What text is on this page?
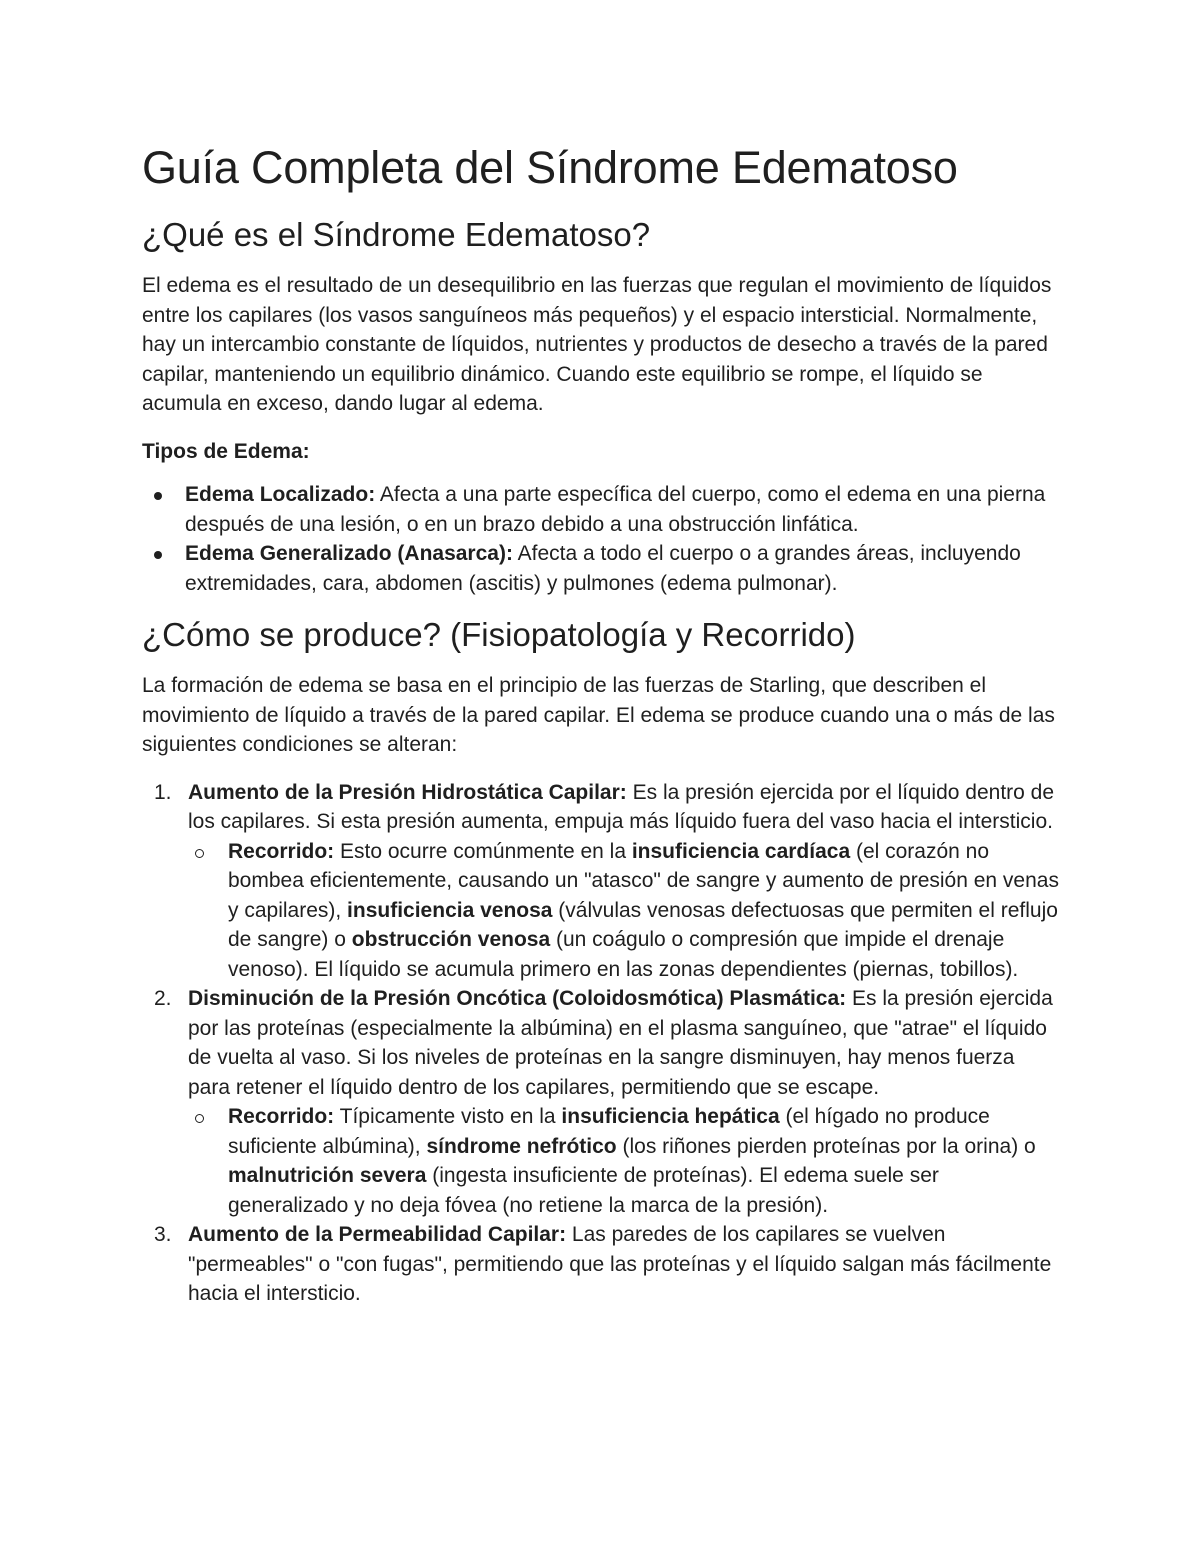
Guía Completa del Síndrome Edematoso
¿Qué es el Síndrome Edematoso?

El edema es el resultado de un desequilibrio en las fuerzas que regulan el movimiento de líquidos entre los capilares (los vasos sanguíneos más pequeños) y el espacio intersticial. Normalmente, hay un intercambio constante de líquidos, nutrientes y productos de desecho a través de la pared capilar, manteniendo un equilibrio dinámico. Cuando este equilibrio se rompe, el líquido se acumula en exceso, dando lugar al edema.

Tipos de Edema:

Edema Localizado: Afecta a una parte específica del cuerpo, como el edema en una pierna después de una lesión, o en un brazo debido a una obstrucción linfática.
Edema Generalizado (Anasarca): Afecta a todo el cuerpo o a grandes áreas, incluyendo extremidades, cara, abdomen (ascitis) y pulmones (edema pulmonar).
¿Cómo se produce? (Fisiopatología y Recorrido)

La formación de edema se basa en el principio de las fuerzas de Starling, que describen el movimiento de líquido a través de la pared capilar. El edema se produce cuando una o más de las siguientes condiciones se alteran:

1. Aumento de la Presión Hidrostática Capilar: Es la presión ejercida por el líquido dentro de los capilares. Si esta presión aumenta, empuja más líquido fuera del vaso hacia el intersticio.
Recorrido: Esto ocurre comúnmente en la insuficiencia cardíaca (el corazón no bombea eficientemente, causando un "atasco" de sangre y aumento de presión en venas y capilares), insuficiencia venosa (válvulas venosas defectuosas que permiten el reflujo de sangre) o obstrucción venosa (un coágulo o compresión que impide el drenaje venoso). El líquido se acumula primero en las zonas dependientes (piernas, tobillos).
2. Disminución de la Presión Oncótica (Coloidosmótica) Plasmática: Es la presión ejercida por las proteínas (especialmente la albúmina) en el plasma sanguíneo, que "atrae" el líquido de vuelta al vaso. Si los niveles de proteínas en la sangre disminuyen, hay menos fuerza para retener el líquido dentro de los capilares, permitiendo que se escape.
Recorrido: Típicamente visto en la insuficiencia hepática (el hígado no produce suficiente albúmina), síndrome nefrótico (los riñones pierden proteínas por la orina) o malnutrición severa (ingesta insuficiente de proteínas). El edema suele ser generalizado y no deja fóvea (no retiene la marca de la presión).
3. Aumento de la Permeabilidad Capilar: Las paredes de los capilares se vuelven "permeables" o "con fugas", permitiendo que las proteínas y el líquido salgan más fácilmente hacia el intersticio.
